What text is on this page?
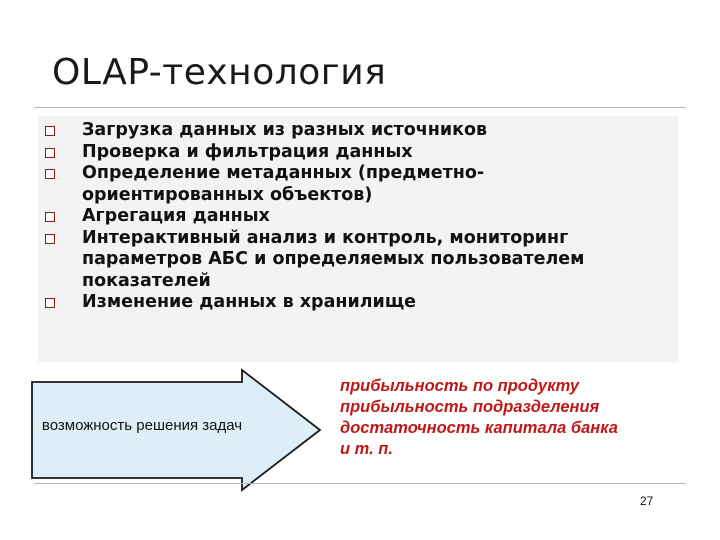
OLAP-технология
Загрузка данных из разных источников
Проверка и фильтрация данных
Определение метаданных (предметно- ориентированных объектов)
Агрегация данных
Интерактивный анализ и контроль, мониторинг параметров АБС и определяемых пользователем показателей
Изменение данных в хранилище
возможность решения задач
прибыльность по продукту
прибыльность подразделения
достаточность капитала банка
и т. п.
27
